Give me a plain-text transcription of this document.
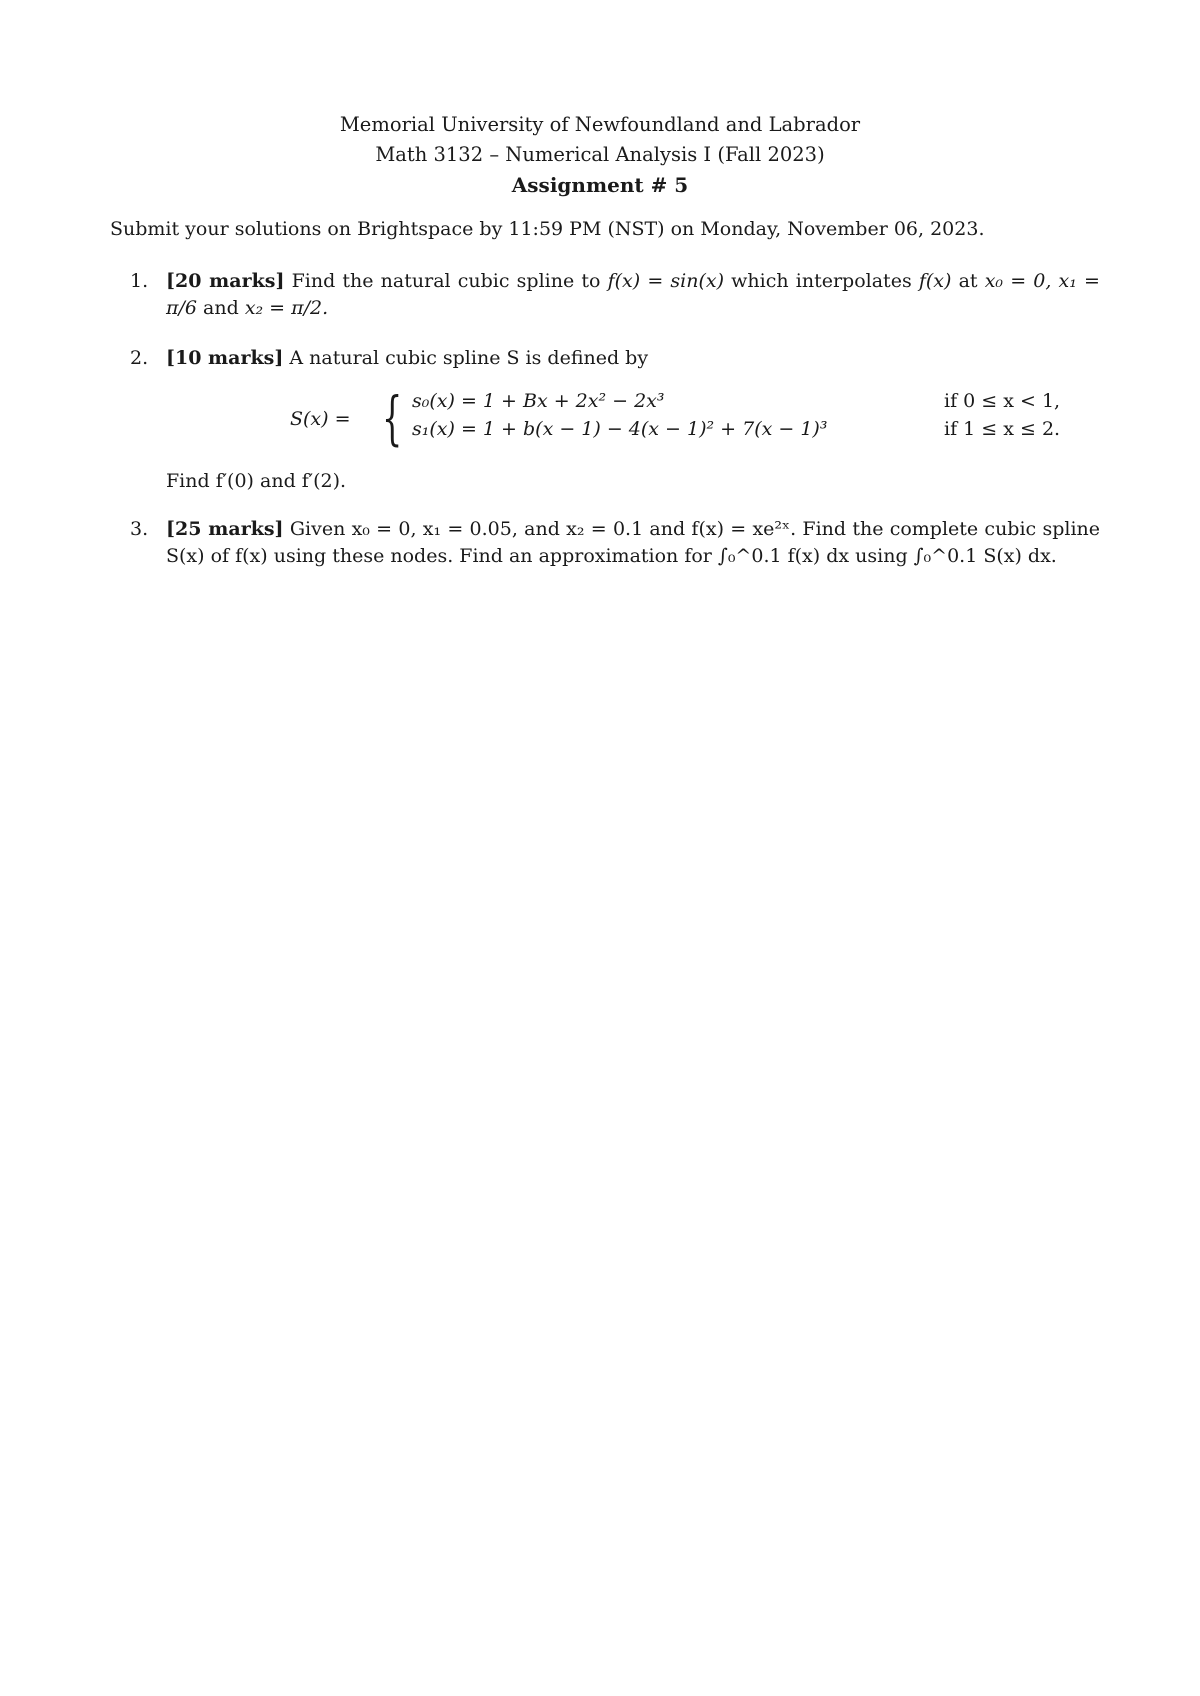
Memorial University of Newfoundland and Labrador
Math 3132 – Numerical Analysis I (Fall 2023)
Assignment # 5
Submit your solutions on Brightspace by 11:59 PM (NST) on Monday, November 06, 2023.
1. [20 marks] Find the natural cubic spline to f(x) = sin(x) which interpolates f(x) at x₀ = 0, x₁ = π/6 and x₂ = π/2.
2. [10 marks] A natural cubic spline S is defined by
S(x) = { s₀(x) = 1 + Bx + 2x² − 2x³	if 0 ≤ x < 1,
s₁(x) = 1 + b(x − 1) − 4(x − 1)² + 7(x − 1)³	if 1 ≤ x ≤ 2.
Find f′(0) and f′(2).
3. [25 marks] Given x₀ = 0, x₁ = 0.05, and x₂ = 0.1 and f(x) = xe²ˣ. Find the complete cubic spline S(x) of f(x) using these nodes. Find an approximation for ∫₀^0.1 f(x) dx using ∫₀^0.1 S(x) dx.
